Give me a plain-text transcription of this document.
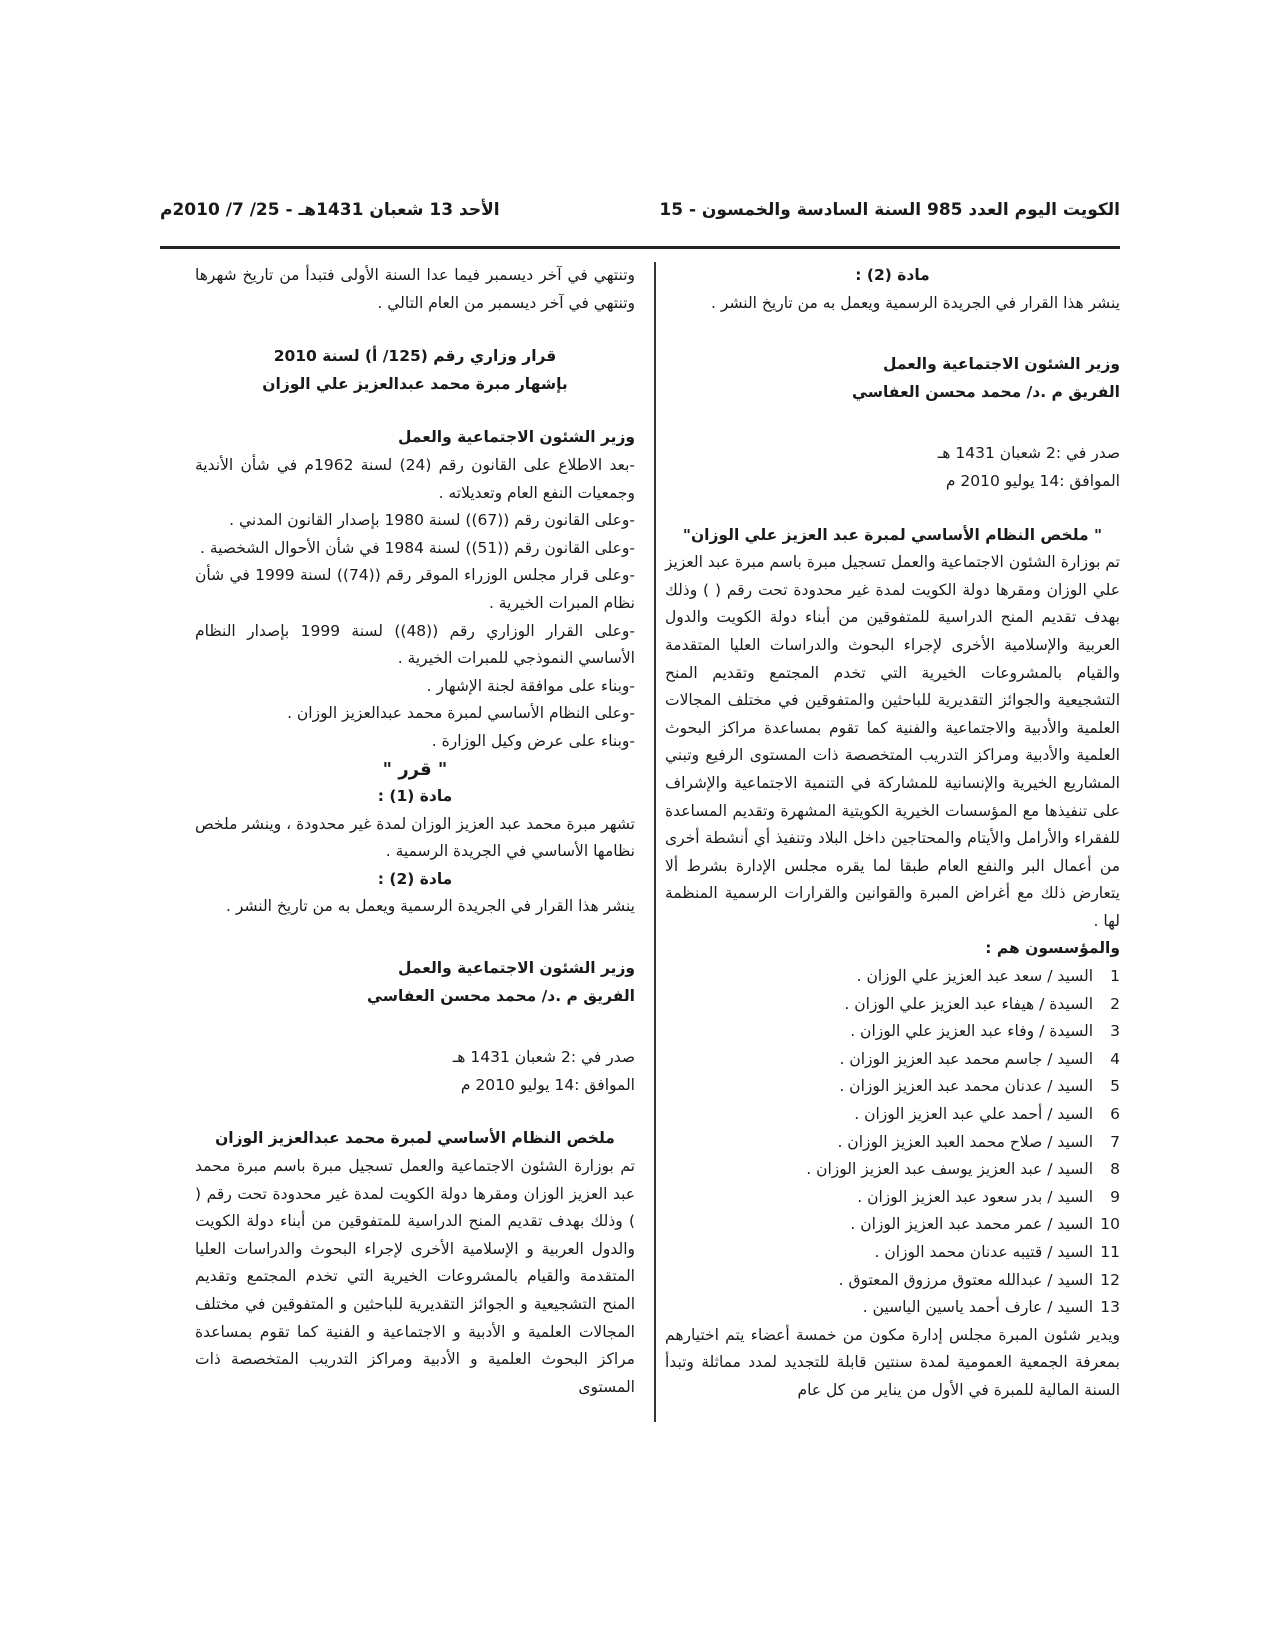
الكويت اليوم العدد 985 السنة السادسة والخمسون - 15
الأحد 13 شعبان 1431هـ - 25/ 7/ 2010م

مادة (2) :

ينشر هذا القرار في الجريدة الرسمية ويعمل به من تاريخ النشر .

وزير الشئون الاجتماعية والعمل

الفريق م .د/ محمد محسن العفاسي

صدر في :2 شعبان 1431 هـ

الموافق :14 يوليو 2010 م

" ملخص النظام الأساسي لمبرة عبد العزيز علي الوزان"

تم بوزارة الشئون الاجتماعية والعمل تسجيل مبرة باسم مبرة عبد العزيز علي الوزان ومقرها دولة الكويت لمدة غير محدودة تحت رقم ( ) وذلك بهدف تقديم المنح الدراسية للمتفوقين من أبناء دولة الكويت والدول العربية والإسلامية الأخرى لإجراء البحوث والدراسات العليا المتقدمة والقيام بالمشروعات الخيرية التي تخدم المجتمع وتقديم المنح التشجيعية والجوائز التقديرية للباحثين والمتفوقين في مختلف المجالات العلمية والأدبية والاجتماعية والفنية كما تقوم بمساعدة مراكز البحوث العلمية والأدبية ومراكز التدريب المتخصصة ذات المستوى الرفيع وتبني المشاريع الخيرية والإنسانية للمشاركة في التنمية الاجتماعية والإشراف على تنفيذها مع المؤسسات الخيرية الكويتية المشهرة وتقديم المساعدة للفقراء والأرامل والأيتام والمحتاجين داخل البلاد وتنفيذ أي أنشطة أخرى من أعمال البر والنفع العام طبقا لما يقره مجلس الإدارة بشرط ألا يتعارض ذلك مع أغراض المبرة والقوانين والقرارات الرسمية المنظمة لها .

والمؤسسون هم :

1 السيد / سعد عبد العزيز علي الوزان .

2 السيدة / هيفاء عبد العزيز علي الوزان .

3 السيدة / وفاء عبد العزيز علي الوزان .

4 السيد / جاسم محمد عبد العزيز الوزان .

5 السيد / عدنان محمد عبد العزيز الوزان .

6 السيد / أحمد علي عبد العزيز الوزان .

7 السيد / صلاح محمد العبد العزيز الوزان .

8 السيد / عبد العزيز يوسف عبد العزيز الوزان .

9 السيد / بدر سعود عبد العزيز الوزان .

10 السيد / عمر محمد عبد العزيز الوزان .

11 السيد / قتيبه عدنان محمد الوزان .

12 السيد / عبدالله معتوق مرزوق المعتوق .

13 السيد / عارف أحمد ياسين الياسين .

ويدير شئون المبرة مجلس إدارة مكون من خمسة أعضاء يتم اختيارهم بمعرفة الجمعية العمومية لمدة سنتين قابلة للتجديد لمدد مماثلة وتبدأ السنة المالية للمبرة في الأول من يناير من كل عام

وتنتهي في آخر ديسمبر فيما عدا السنة الأولى فتبدأ من تاريخ شهرها وتنتهي في آخر ديسمبر من العام التالي .

قرار وزاري رقم (125/ أ) لسنة 2010

بإشهار مبرة محمد عبدالعزيز علي الوزان

وزير الشئون الاجتماعية والعمل

-بعد الاطلاع على القانون رقم (24) لسنة 1962م في شأن الأندية وجمعيات النفع العام وتعديلاته .

-وعلى القانون رقم ((67)) لسنة 1980 بإصدار القانون المدني .

-وعلى القانون رقم ((51)) لسنة 1984 في شأن الأحوال الشخصية .

-وعلى قرار مجلس الوزراء الموقر رقم ((74)) لسنة 1999 في شأن نظام المبرات الخيرية .

-وعلى القرار الوزاري رقم ((48)) لسنة 1999 بإصدار النظام الأساسي النموذجي للمبرات الخيرية .

-وبناء على موافقة لجنة الإشهار .

-وعلى النظام الأساسي لمبرة محمد عبدالعزيز الوزان .

-وبناء على عرض وكيل الوزارة .

" قرر "

مادة (1) :

تشهر مبرة محمد عبد العزيز الوزان لمدة غير محدودة ، وينشر ملخص نظامها الأساسي في الجريدة الرسمية .

مادة (2) :

ينشر هذا القرار في الجريدة الرسمية ويعمل به من تاريخ النشر .

وزير الشئون الاجتماعية والعمل

الفريق م .د/ محمد محسن العفاسي

صدر في :2 شعبان 1431 هـ

الموافق :14 يوليو 2010 م

ملخص النظام الأساسي لمبرة محمد عبدالعزيز الوزان

تم بوزارة الشئون الاجتماعية والعمل تسجيل مبرة باسم مبرة محمد عبد العزيز الوزان ومقرها دولة الكويت لمدة غير محدودة تحت رقم ( ) وذلك بهدف تقديم المنح الدراسية للمتفوقين من أبناء دولة الكويت والدول العربية و الإسلامية الأخرى لإجراء البحوث والدراسات العليا المتقدمة والقيام بالمشروعات الخيرية التي تخدم المجتمع وتقديم المنح التشجيعية و الجوائز التقديرية للباحثين و المتفوقين في مختلف المجالات العلمية و الأدبية و الاجتماعية و الفنية كما تقوم بمساعدة مراكز البحوث العلمية و الأدبية ومراكز التدريب المتخصصة ذات المستوى
